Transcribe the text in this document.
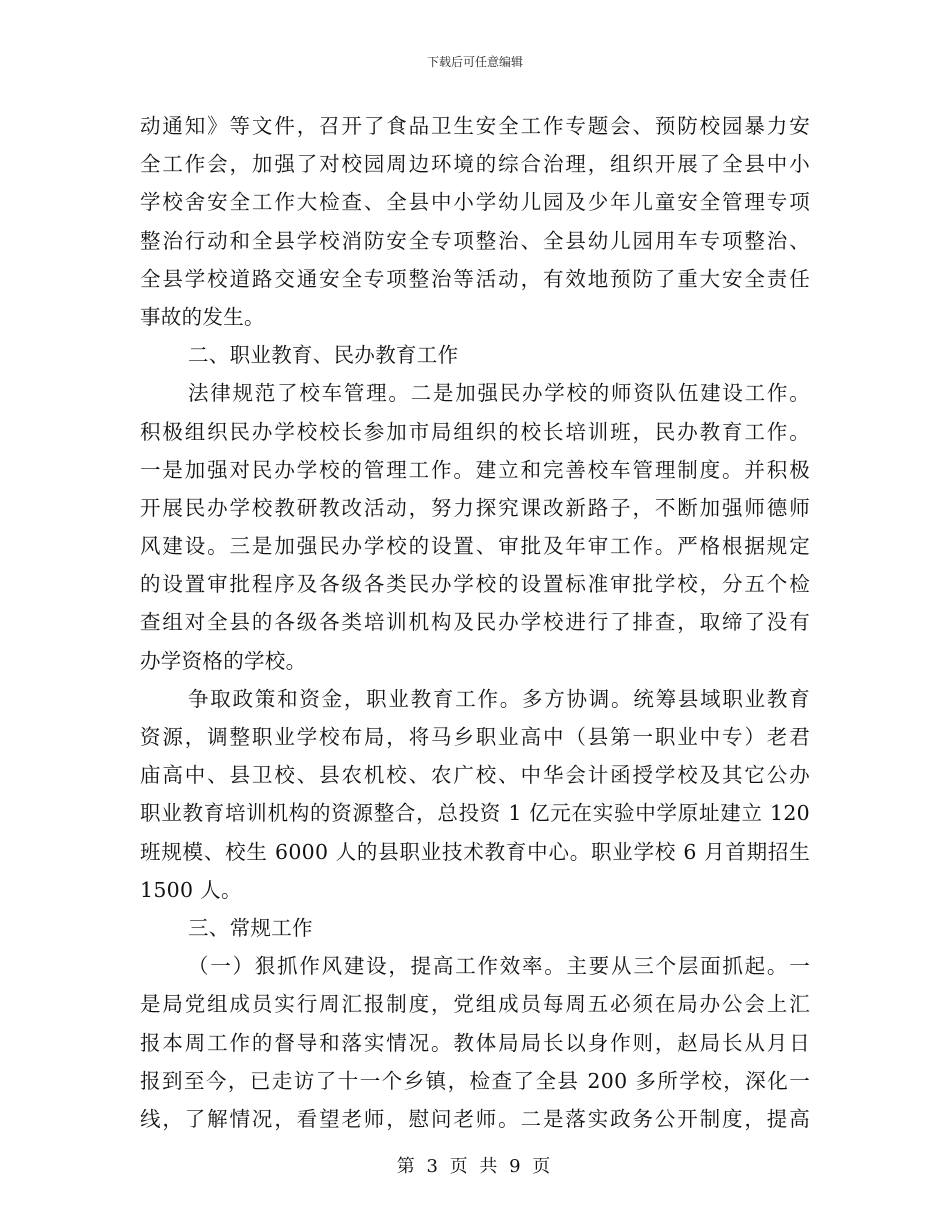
下载后可任意编辑
动通知》等文件，召开了食品卫生安全工作专题会、预防校园暴力安
全工作会，加强了对校园周边环境的综合治理，组织开展了全县中小
学校舍安全工作大检查、全县中小学幼儿园及少年儿童安全管理专项
整治行动和全县学校消防安全专项整治、全县幼儿园用车专项整治、
全县学校道路交通安全专项整治等活动，有效地预防了重大安全责任
事故的发生。
二、职业教育、民办教育工作
法律规范了校车管理。二是加强民办学校的师资队伍建设工作。
积极组织民办学校校长参加市局组织的校长培训班，民办教育工作。
一是加强对民办学校的管理工作。建立和完善校车管理制度。并积极
开展民办学校教研教改活动，努力探究课改新路子，不断加强师德师
风建设。三是加强民办学校的设置、审批及年审工作。严格根据规定
的设置审批程序及各级各类民办学校的设置标准审批学校，分五个检
查组对全县的各级各类培训机构及民办学校进行了排查，取缔了没有
办学资格的学校。
争取政策和资金，职业教育工作。多方协调。统筹县域职业教育
资源，调整职业学校布局，将马乡职业高中（县第一职业中专）老君
庙高中、县卫校、县农机校、农广校、中华会计函授学校及其它公办
职业教育培训机构的资源整合，总投资 1 亿元在实验中学原址建立 120
班规模、校生 6000 人的县职业技术教育中心。职业学校 6 月首期招生
1500 人。
三、常规工作
（一）狠抓作风建设，提高工作效率。主要从三个层面抓起。一
是局党组成员实行周汇报制度，党组成员每周五必须在局办公会上汇
报本周工作的督导和落实情况。教体局局长以身作则，赵局长从月日
报到至今，已走访了十一个乡镇，检查了全县 200 多所学校，深化一
线，了解情况，看望老师，慰问老师。二是落实政务公开制度，提高
第 3 页 共 9 页
